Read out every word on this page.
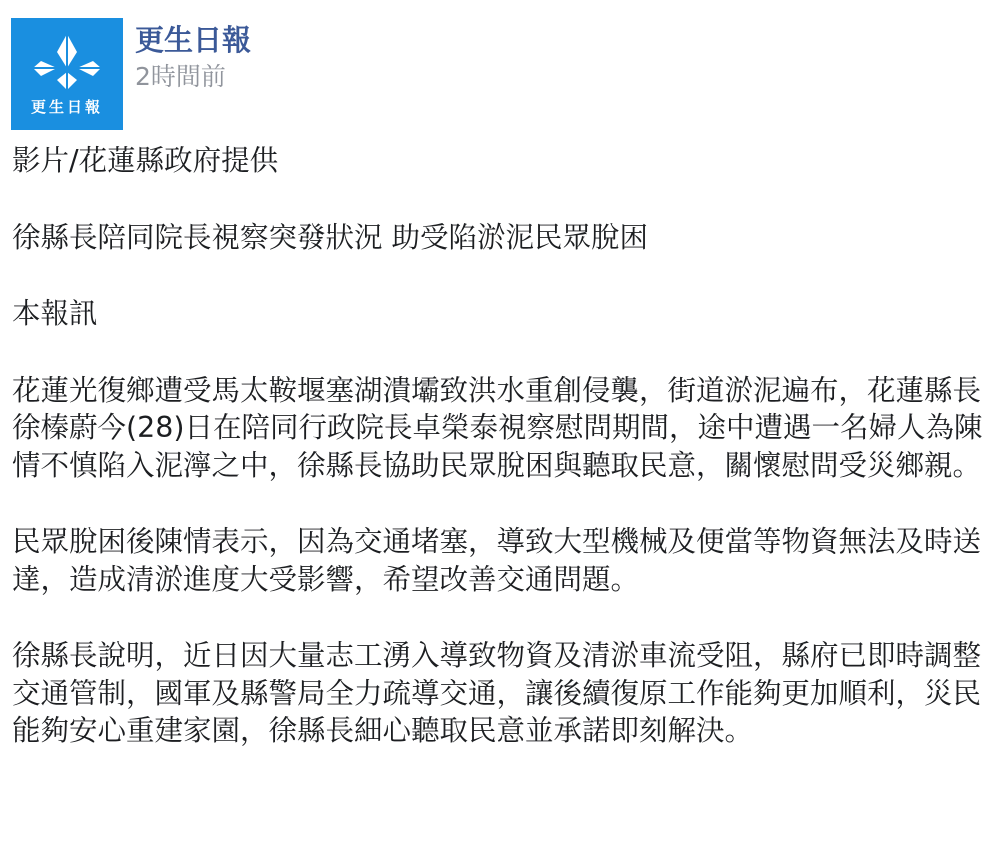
更生日報
更生日報
2時間前

影片/花蓮縣政府提供

徐縣長陪同院長視察突發狀況 助受陷淤泥民眾脫困

本報訊

花蓮光復鄉遭受馬太鞍堰塞湖潰壩致洪水重創侵襲，街道淤泥遍布，花蓮縣長徐榛蔚今(28)日在陪同行政院長卓榮泰視察慰問期間，途中遭遇一名婦人為陳情不慎陷入泥濘之中，徐縣長協助民眾脫困與聽取民意，關懷慰問受災鄉親。

民眾脫困後陳情表示，因為交通堵塞，導致大型機械及便當等物資無法及時送達，造成清淤進度大受影響，希望改善交通問題。

徐縣長說明，近日因大量志工湧入導致物資及清淤車流受阻，縣府已即時調整交通管制，國軍及縣警局全力疏導交通，讓後續復原工作能夠更加順利，災民能夠安心重建家園，徐縣長細心聽取民意並承諾即刻解決。
